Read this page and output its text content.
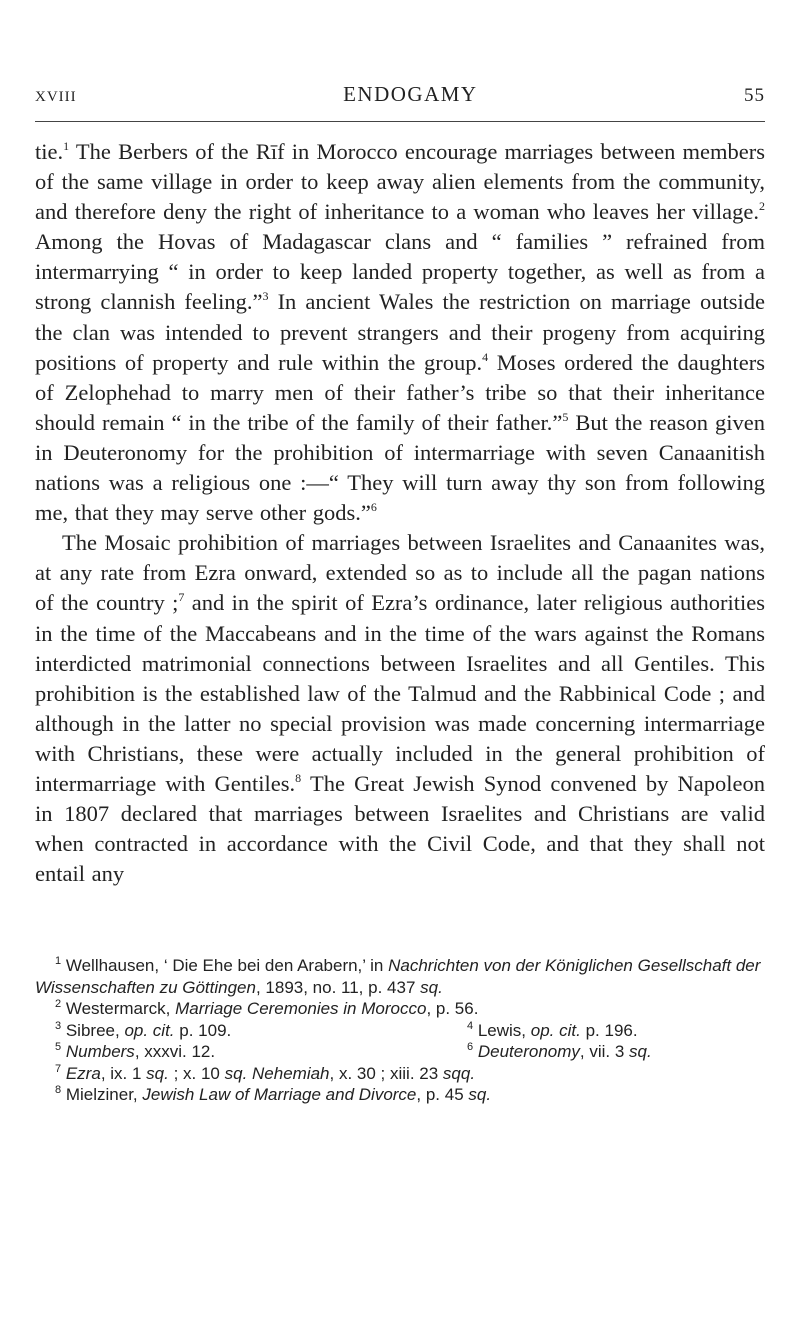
XVIII	ENDOGAMY	55

tie.$^1$ The Berbers of the Rīf in Morocco encourage marriages between members of the same village in order to keep away alien elements from the community, and therefore deny the right of inheritance to a woman who leaves her village.$^2$ Among the Hovas of Madagascar clans and “ families ” refrained from intermarrying “ in order to keep landed property together, as well as from a strong clannish feeling.”$^3$ In ancient Wales the restriction on marriage outside the clan was intended to prevent strangers and their progeny from acquiring positions of property and rule within the group.$^4$ Moses ordered the daughters of Zelophehad to marry men of their father’s tribe so that their inheritance should remain “ in the tribe of the family of their father.”$^5$ But the reason given in Deuteronomy for the prohibition of intermarriage with seven Canaanitish nations was a religious one :—“ They will turn away thy son from following me, that they may serve other gods.”$^6$

The Mosaic prohibition of marriages between Israelites and Canaanites was, at any rate from Ezra onward, extended so as to include all the pagan nations of the country ;$^7$ and in the spirit of Ezra’s ordinance, later religious authorities in the time of the Maccabeans and in the time of the wars against the Romans interdicted matrimonial connections between Israelites and all Gentiles. This prohibition is the established law of the Talmud and the Rabbinical Code ; and although in the latter no special provision was made concerning intermarriage with Christians, these were actually included in the general prohibition of intermarriage with Gentiles.$^8$ The Great Jewish Synod convened by Napoleon in 1807 declared that marriages between Israelites and Christians are valid when contracted in accordance with the Civil Code, and that they shall not entail any

$^1$ Wellhausen, ‘ Die Ehe bei den Arabern,’ in Nachrichten von der Königlichen Gesellschaft der Wissenschaften zu Göttingen, 1893, no. 11, p. 437 sq.

$^2$ Westermarck, Marriage Ceremonies in Morocco, p. 56.

$^3$ Sibree, op. cit. p. 109.	$^4$ Lewis, op. cit. p. 196.
$^5$ Numbers, xxxvi. 12.	$^6$ Deuteronomy, vii. 3 sq.

$^7$ Ezra, ix. 1 sq. ; x. 10 sq. Nehemiah, x. 30 ; xiii. 23 sqq.

$^8$ Mielziner, Jewish Law of Marriage and Divorce, p. 45 sq.
